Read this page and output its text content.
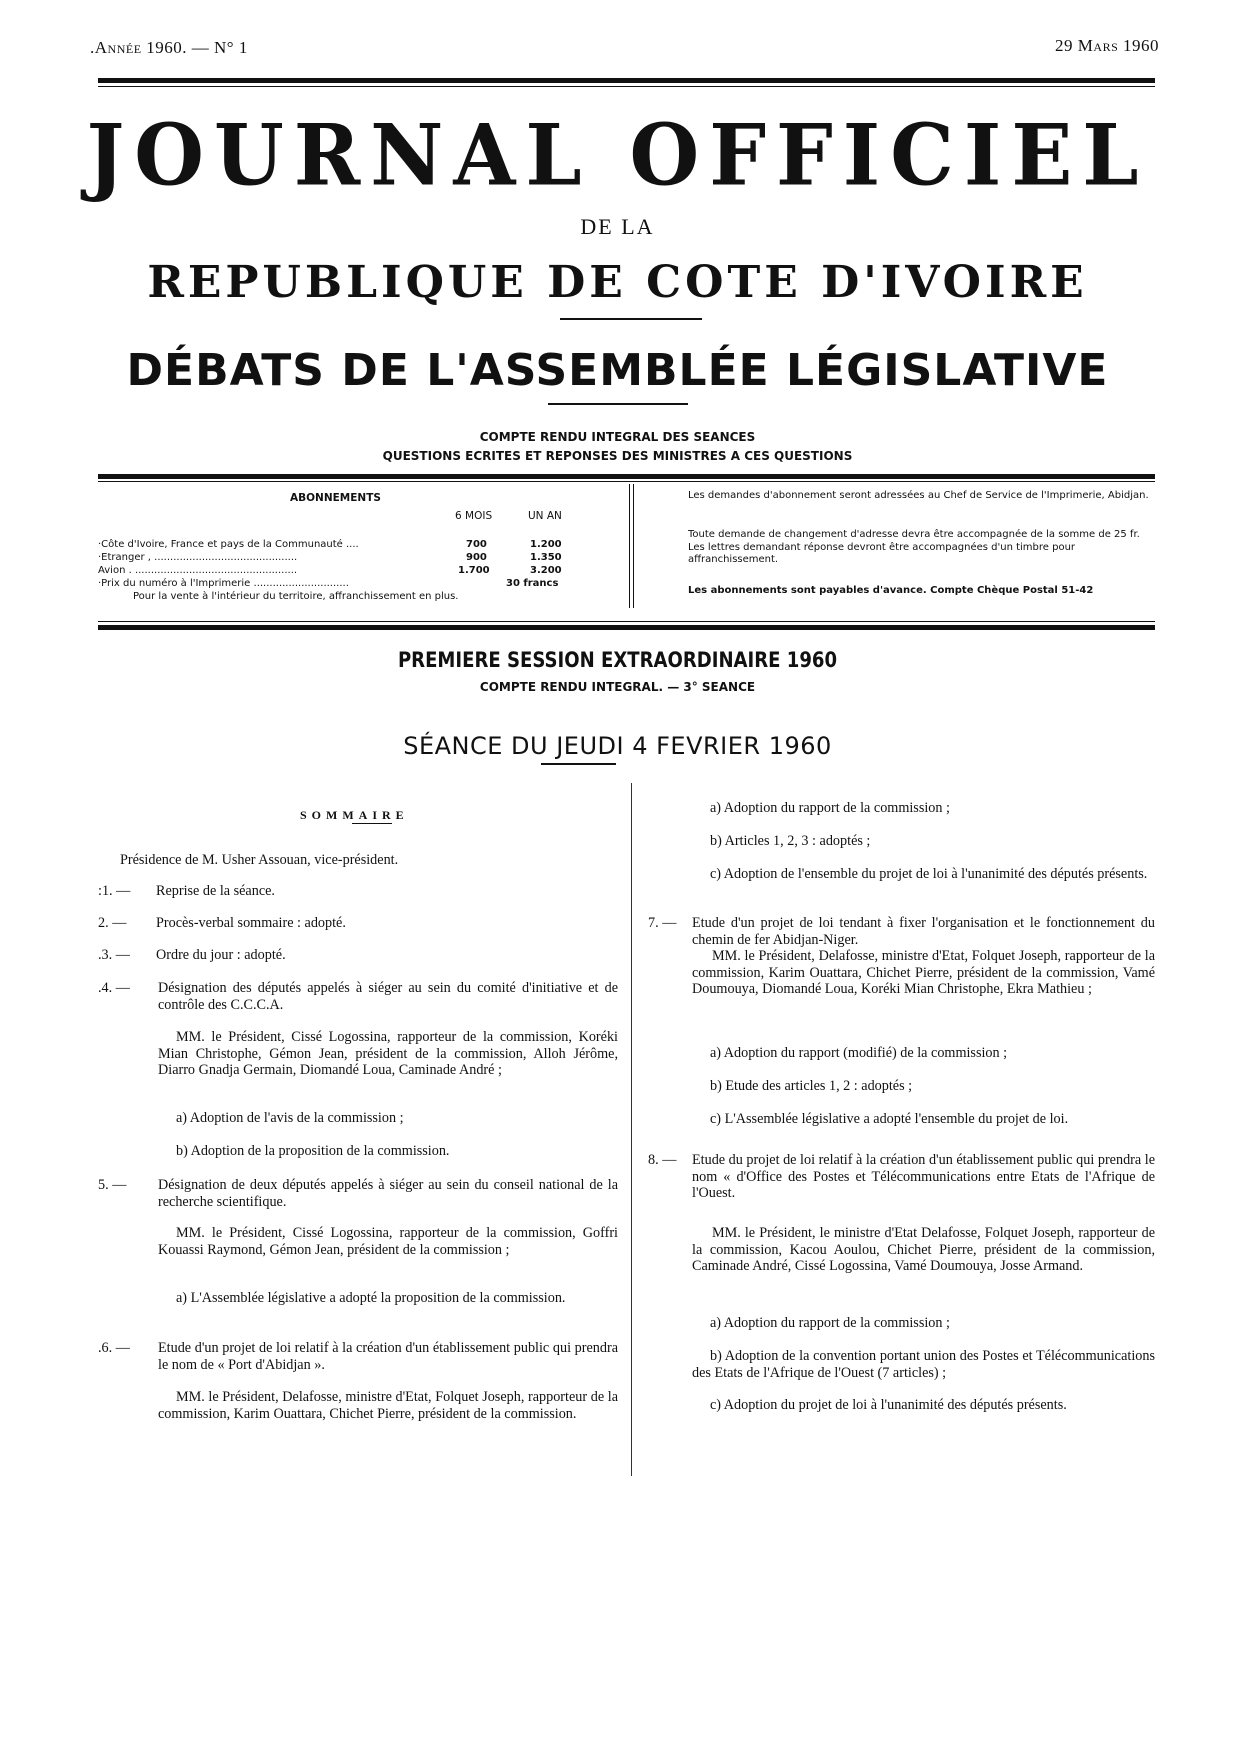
.Année 1960. — N° 1	29 Mars 1960
JOURNAL OFFICIEL
DE LA
REPUBLIQUE DE COTE D'IVOIRE
DÉBATS DE L'ASSEMBLÉE LÉGISLATIVE
COMPTE RENDU INTEGRAL DES SEANCES
QUESTIONS ECRITES ET REPONSES DES MINISTRES A CES QUESTIONS
ABONNEMENTS
6 MOIS	UN AN
·Côte d'Ivoire, France et pays de la Communauté ....	700	1.200
·Etranger , .............................................	900	1.350
Avion . ...................................................	1.700	3.200
·Prix du numéro à l'Imprimerie ..............................	30 francs
Pour la vente à l'intérieur du territoire, affranchissement en plus.
Les demandes d'abonnement seront adressées au Chef de Service de l'Imprimerie, Abidjan.
Toute demande de changement d'adresse devra être accompagnée de la somme de 25 fr. Les lettres demandant réponse devront être accompagnées d'un timbre pour affranchissement.
Les abonnements sont payables d'avance. Compte Chèque Postal 51-42
PREMIERE SESSION EXTRAORDINAIRE 1960
COMPTE RENDU INTEGRAL. — 3° SEANCE
SÉANCE DU JEUDI 4 FEVRIER 1960
SOMMAIRE
Présidence de M. Usher Assouan, vice-président.
:1. — Reprise de la séance.
2. — Procès-verbal sommaire : adopté.
.3. — Ordre du jour : adopté.
.4. —	Désignation des députés appelés à siéger au sein du comité d'initiative et de contrôle des C.C.C.A.
MM. le Président, Cissé Logossina, rapporteur de la commission, Koréki Mian Christophe, Gémon Jean, président de la commission, Alloh Jérôme, Diarro Gnadja Germain, Diomandé Loua, Caminade André ;
a) Adoption de l'avis de la commission ;
b) Adoption de la proposition de la commission.
5. —	Désignation de deux députés appelés à siéger au sein du conseil national de la recherche scientifique.
MM. le Président, Cissé Logossina, rapporteur de la commission, Goffri Kouassi Raymond, Gémon Jean, président de la commission ;
a) L'Assemblée législative a adopté la proposition de la commission.
.6. —	Etude d'un projet de loi relatif à la création d'un établissement public qui prendra le nom de « Port d'Abidjan ».
MM. le Président, Delafosse, ministre d'Etat, Folquet Joseph, rapporteur de la commission, Karim Ouattara, Chichet Pierre, président de la commission.
a) Adoption du rapport de la commission ;
b) Articles 1, 2, 3 : adoptés ;
c) Adoption de l'ensemble du projet de loi à l'unanimité des députés présents.
7. —	Etude d'un projet de loi tendant à fixer l'organisation et le fonctionnement du chemin de fer Abidjan-Niger.
MM. le Président, Delafosse, ministre d'Etat, Folquet Joseph, rapporteur de la commission, Karim Ouattara, Chichet Pierre, président de la commission, Vamé Doumouya, Diomandé Loua, Koréki Mian Christophe, Ekra Mathieu ;
a) Adoption du rapport (modifié) de la commission ;
b) Etude des articles 1, 2 : adoptés ;
c) L'Assemblée législative a adopté l'ensemble du projet de loi.
8. —	Etude du projet de loi relatif à la création d'un établissement public qui prendra le nom « d'Office des Postes et Télécommunications entre Etats de l'Afrique de l'Ouest.
MM. le Président, le ministre d'Etat Delafosse, Folquet Joseph, rapporteur de la commission, Kacou Aoulou, Chichet Pierre, président de la commission, Caminade André, Cissé Logossina, Vamé Doumouya, Josse Armand.
a) Adoption du rapport de la commission ;
b) Adoption de la convention portant union des Postes et Télécommunications des Etats de l'Afrique de l'Ouest (7 articles) ;
c) Adoption du projet de loi à l'unanimité des députés présents.
